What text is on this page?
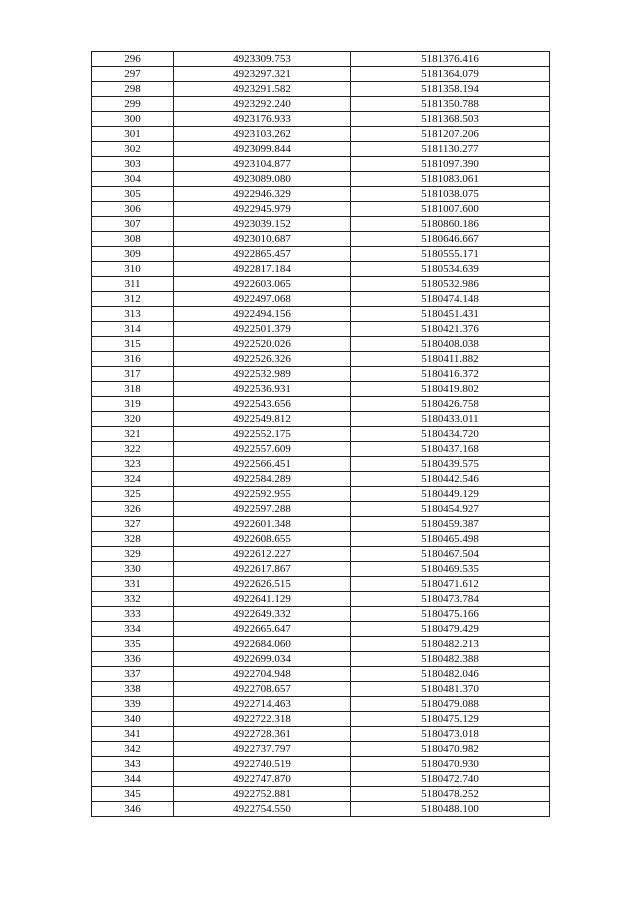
296	4923309.753	5181376.416
297	4923297.321	5181364.079
298	4923291.582	5181358.194
299	4923292.240	5181350.788
300	4923176.933	5181368.503
301	4923103.262	5181207.206
302	4923099.844	5181130.277
303	4923104.877	5181097.390
304	4923089.080	5181083.061
305	4922946.329	5181038.075
306	4922945.979	5181007.600
307	4923039.152	5180860.186
308	4923010.687	5180646.667
309	4922865.457	5180555.171
310	4922817.184	5180534.639
311	4922603.065	5180532.986
312	4922497.068	5180474.148
313	4922494.156	5180451.431
314	4922501.379	5180421.376
315	4922520.026	5180408.038
316	4922526.326	5180411.882
317	4922532.989	5180416.372
318	4922536.931	5180419.802
319	4922543.656	5180426.758
320	4922549.812	5180433.011
321	4922552.175	5180434.720
322	4922557.609	5180437.168
323	4922566.451	5180439.575
324	4922584.289	5180442.546
325	4922592.955	5180449.129
326	4922597.288	5180454.927
327	4922601.348	5180459.387
328	4922608.655	5180465.498
329	4922612.227	5180467.504
330	4922617.867	5180469.535
331	4922626.515	5180471.612
332	4922641.129	5180473.784
333	4922649.332	5180475.166
334	4922665.647	5180479.429
335	4922684.060	5180482.213
336	4922699.034	5180482.388
337	4922704.948	5180482.046
338	4922708.657	5180481.370
339	4922714.463	5180479.088
340	4922722.318	5180475.129
341	4922728.361	5180473.018
342	4922737.797	5180470.982
343	4922740.519	5180470.930
344	4922747.870	5180472.740
345	4922752.881	5180478.252
346	4922754.550	5180488.100
